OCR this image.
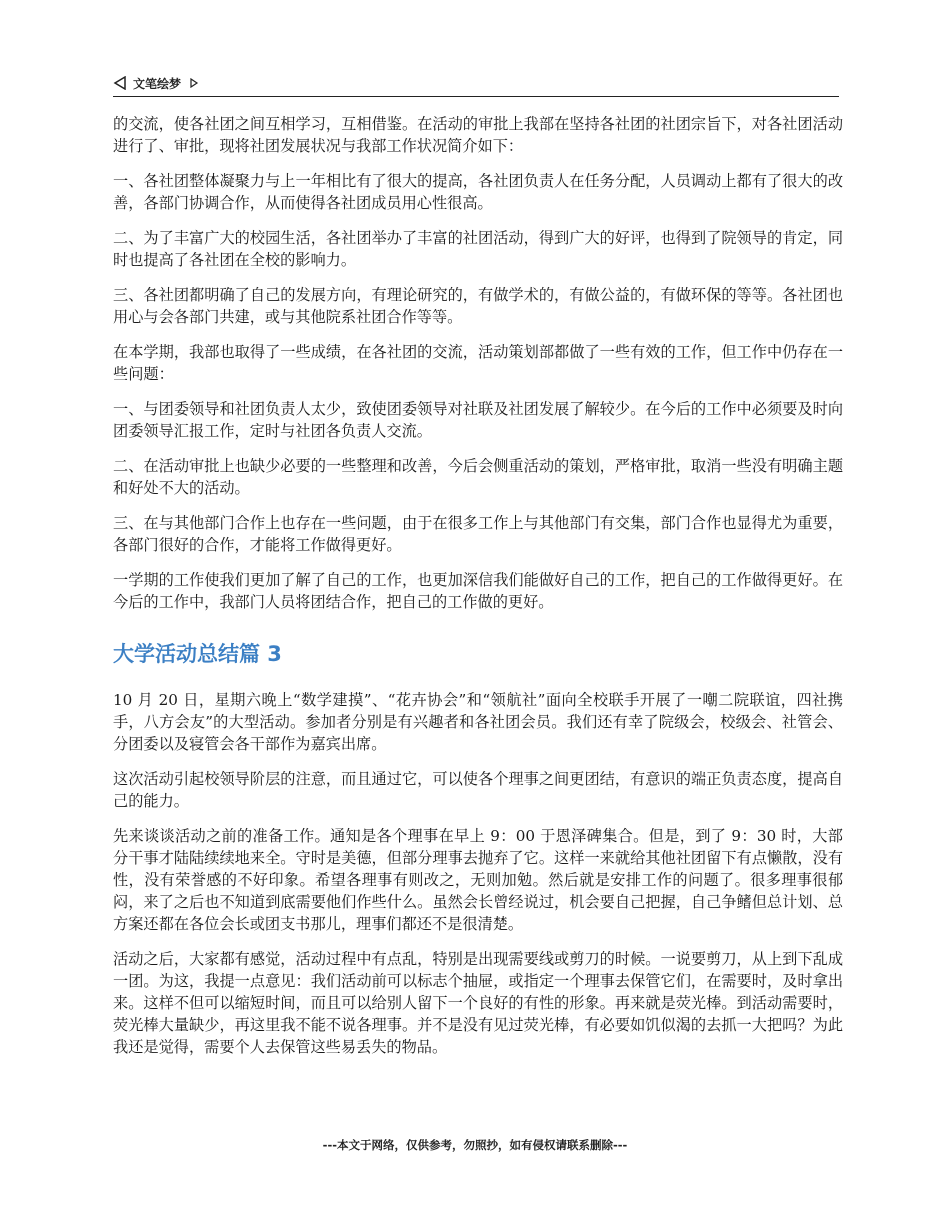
文笔绘梦

的交流，使各社团之间互相学习，互相借鉴。在活动的审批上我部在坚持各社团的社团宗旨下，对各社团活动进行了、审批，现将社团发展状况与我部工作状况简介如下：

一、各社团整体凝聚力与上一年相比有了很大的提高，各社团负责人在任务分配，人员调动上都有了很大的改善，各部门协调合作，从而使得各社团成员用心性很高。

二、为了丰富广大的校园生活，各社团举办了丰富的社团活动，得到广大的好评，也得到了院领导的肯定，同时也提高了各社团在全校的影响力。

三、各社团都明确了自己的发展方向，有理论研究的，有做学术的，有做公益的，有做环保的等等。各社团也用心与会各部门共建，或与其他院系社团合作等等。

在本学期，我部也取得了一些成绩，在各社团的交流，活动策划部都做了一些有效的工作，但工作中仍存在一些问题：

一、与团委领导和社团负责人太少，致使团委领导对社联及社团发展了解较少。在今后的工作中必须要及时向团委领导汇报工作，定时与社团各负责人交流。

二、在活动审批上也缺少必要的一些整理和改善，今后会侧重活动的策划，严格审批，取消一些没有明确主题和好处不大的活动。

三、在与其他部门合作上也存在一些问题，由于在很多工作上与其他部门有交集，部门合作也显得尤为重要，各部门很好的合作，才能将工作做得更好。

一学期的工作使我们更加了解了自己的工作，也更加深信我们能做好自己的工作，把自己的工作做得更好。在今后的工作中，我部门人员将团结合作，把自己的工作做的更好。

大学活动总结篇 3

10 月 20 日，星期六晚上“数学建摸”、“花卉协会”和“领航社”面向全校联手开展了一嘲二院联谊，四社携手，八方会友”的大型活动。参加者分别是有兴趣者和各社团会员。我们还有幸了院级会，校级会、社管会、分团委以及寝管会各干部作为嘉宾出席。

这次活动引起校领导阶层的注意，而且通过它，可以使各个理事之间更团结，有意识的端正负责态度，提高自己的能力。

先来谈谈活动之前的准备工作。通知是各个理事在早上 9：00 于恩泽碑集合。但是，到了 9：30 时，大部分干事才陆陆续续地来全。守时是美德，但部分理事去抛弃了它。这样一来就给其他社团留下有点懒散，没有性，没有荣誉感的不好印象。希望各理事有则改之，无则加勉。然后就是安排工作的问题了。很多理事很郁闷，来了之后也不知道到底需要他们作些什么。虽然会长曾经说过，机会要自己把握，自己争鳍但总计划、总方案还都在各位会长或团支书那儿，理事们都还不是很清楚。

活动之后，大家都有感觉，活动过程中有点乱，特别是出现需要线或剪刀的时候。一说要剪刀，从上到下乱成一团。为这，我提一点意见：我们活动前可以标志个抽屉，或指定一个理事去保管它们，在需要时，及时拿出来。这样不但可以缩短时间，而且可以给别人留下一个良好的有性的形象。再来就是荧光棒。到活动需要时，荧光棒大量缺少，再这里我不能不说各理事。并不是没有见过荧光棒，有必要如饥似渴的去抓一大把吗？为此我还是觉得，需要个人去保管这些易丢失的物品。

---本文于网络，仅供参考，勿照抄，如有侵权请联系删除---
